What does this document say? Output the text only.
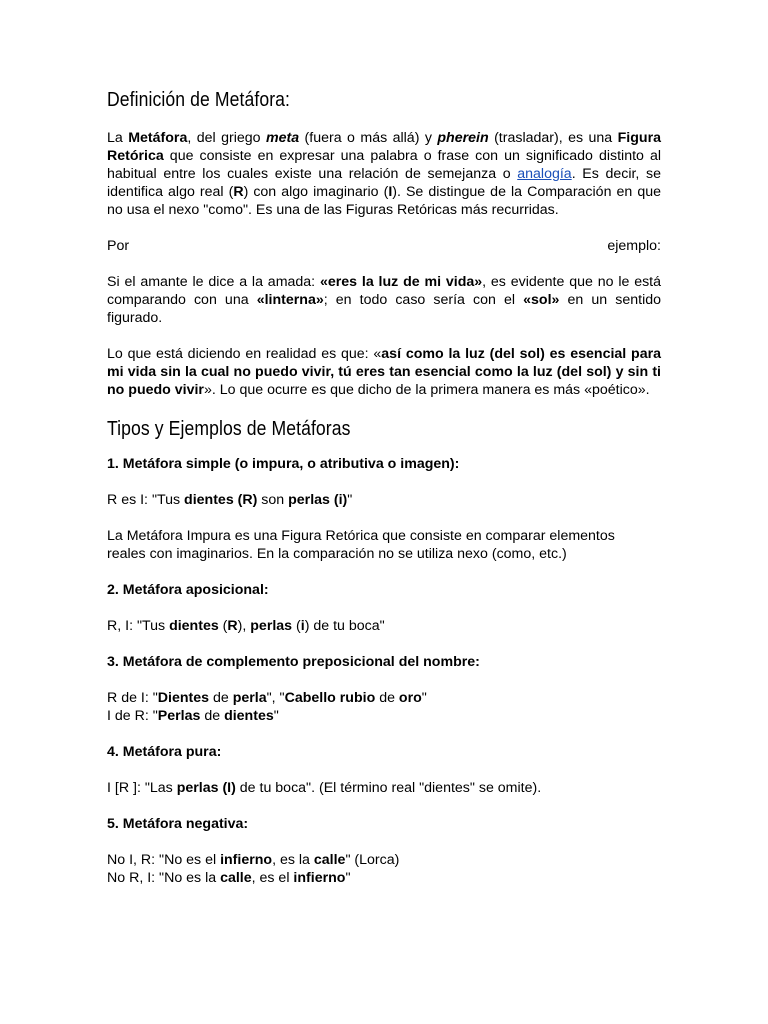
Definición de Metáfora:

La Metáfora, del griego meta (fuera o más allá) y pherein (trasladar), es una Figura Retórica que consiste en expresar una palabra o frase con un significado distinto al habitual entre los cuales existe una relación de semejanza o analogía. Es decir, se identifica algo real (R) con algo imaginario (I). Se distingue de la Comparación en que no usa el nexo "como". Es una de las Figuras Retóricas más recurridas.

Por	ejemplo:

Si el amante le dice a la amada: «eres la luz de mi vida», es evidente que no le está comparando con una «linterna»; en todo caso sería con el «sol» en un sentido figurado.

Lo que está diciendo en realidad es que: «así como la luz (del sol) es esencial para mi vida sin la cual no puedo vivir, tú eres tan esencial como la luz (del sol) y sin ti no puedo vivir». Lo que ocurre es que dicho de la primera manera es más «poético».

Tipos y Ejemplos de Metáforas

1. Metáfora simple (o impura, o atributiva o imagen):

R es I: "Tus dientes (R) son perlas (i)"

La Metáfora Impura es una Figura Retórica que consiste en comparar elementos
reales con imaginarios. En la comparación no se utiliza nexo (como, etc.)

2. Metáfora aposicional:

R, I: "Tus dientes (R), perlas (i) de tu boca"

3. Metáfora de complemento preposicional del nombre:

R de I: "Dientes de perla", "Cabello rubio de oro"
I de R: "Perlas de dientes"

4. Metáfora pura:

I [R ]: "Las perlas (I) de tu boca". (El término real "dientes" se omite).

5. Metáfora negativa:

No I, R: "No es el infierno, es la calle" (Lorca)
No R, I: "No es la calle, es el infierno"
